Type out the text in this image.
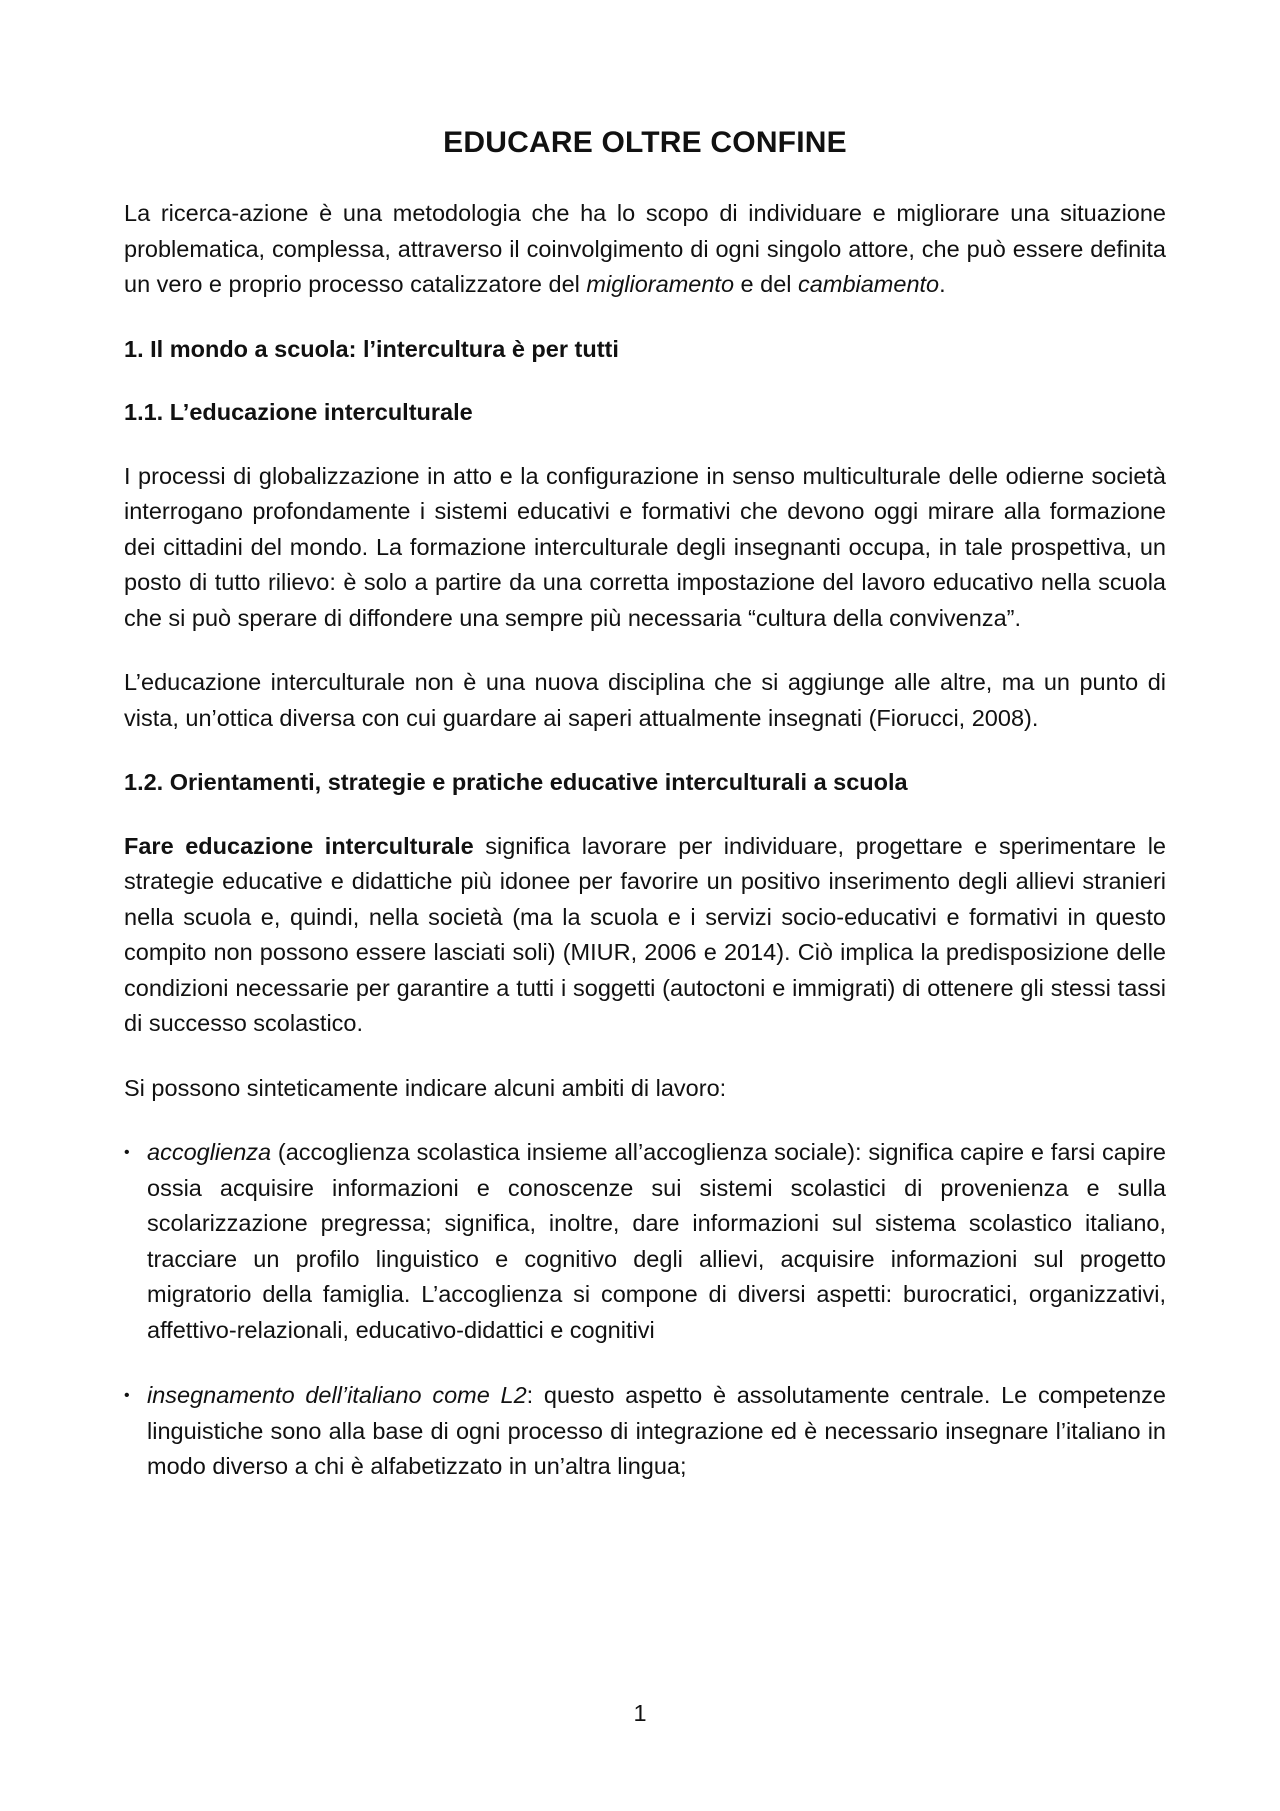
EDUCARE OLTRE CONFINE

La ricerca-azione è una metodologia che ha lo scopo di individuare e migliorare una situazione problematica, complessa, attraverso il coinvolgimento di ogni singolo attore, che può essere definita un vero e proprio processo catalizzatore del miglioramento e del cambiamento.

1. Il mondo a scuola: l’intercultura è per tutti
1.1. L’educazione interculturale

I processi di globalizzazione in atto e la configurazione in senso multiculturale delle odierne società interrogano profondamente i sistemi educativi e formativi che devono oggi mirare alla formazione dei cittadini del mondo. La formazione interculturale degli insegnanti occupa, in tale prospettiva, un posto di tutto rilievo: è solo a partire da una corretta impostazione del lavoro educativo nella scuola che si può sperare di diffondere una sempre più necessaria “cultura della convivenza”.

L’educazione interculturale non è una nuova disciplina che si aggiunge alle altre, ma un punto di vista, un’ottica diversa con cui guardare ai saperi attualmente insegnati (Fiorucci, 2008).

1.2. Orientamenti, strategie e pratiche educative interculturali a scuola

Fare educazione interculturale significa lavorare per individuare, progettare e sperimentare le strategie educative e didattiche più idonee per favorire un positivo inserimento degli allievi stranieri nella scuola e, quindi, nella società (ma la scuola e i servizi socio-educativi e formativi in questo compito non possono essere lasciati soli) (MIUR, 2006 e 2014). Ciò implica la predisposizione delle condizioni necessarie per garantire a tutti i soggetti (autoctoni e immigrati) di ottenere gli stessi tassi di successo scolastico.

Si possono sinteticamente indicare alcuni ambiti di lavoro:

• accoglienza (accoglienza scolastica insieme all’accoglienza sociale): significa capire e farsi capire ossia acquisire informazioni e conoscenze sui sistemi scolastici di provenienza e sulla scolarizzazione pregressa; significa, inoltre, dare informazioni sul sistema scolastico italiano, tracciare un profilo linguistico e cognitivo degli allievi, acquisire informazioni sul progetto migratorio della famiglia. L’accoglienza si compone di diversi aspetti: burocratici, organizzativi, affettivo-relazionali, educativo-didattici e cognitivi
• insegnamento dell’italiano come L2: questo aspetto è assolutamente centrale. Le competenze linguistiche sono alla base di ogni processo di integrazione ed è necessario insegnare l’italiano in modo diverso a chi è alfabetizzato in un’altra lingua;
1
